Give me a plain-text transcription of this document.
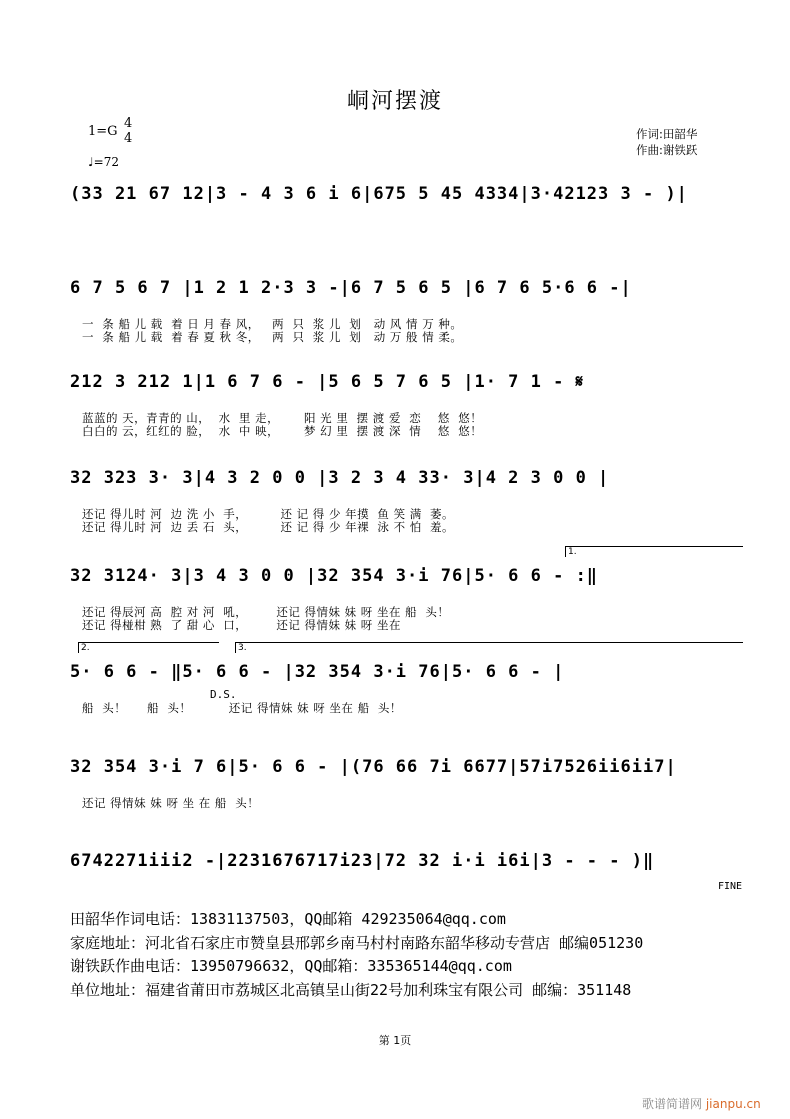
峒河摆渡
1=G
4
4
♩=72
作词:田韶华
作曲:谢铁跃
(33 21 67 12|3 - 4 3 6 i 6|675 5 45 4334|3·42123 3 - )|
6 7 5 6 7 |1 2 1 2·3 3 -|6 7 5 6 5 |6 7 6 5·6 6 -|
一  条 船 儿 载  着 日 月 春 风，   两  只  浆 儿  划   动 风 情 万 种。
一  条 船 儿 载  着 春 夏 秋 冬，   两  只  浆 儿  划   动 万 般 情 柔。
212 3 212 1|1 6 7 6 - |5 6 5 7 6 5 |1· 7 1 - 𝄋
蓝蓝的 天，青青的 山，  水  里 走，      阳 光 里  摆 渡 爱  恋    悠  悠！
白白的 云，红红的 脸，  水  中 映，      梦 幻 里  摆 渡 深  情    悠  悠！
32 323 3· 3|4 3 2 0 0 |3 2 3 4 33· 3|4 2 3 0 0 |
还记 得儿时 河  边 洗 小  手，        还 记 得 少 年摸  鱼 笑 满  萎。
还记 得儿时 河  边 丢 石  头，        还 记 得 少 年裸  泳 不 怕  羞。
1.
32 3124· 3|3 4 3 0 0 |32 354 3·i 76|5· 6 6 - :‖
还记 得辰河 高  腔 对 河  吼，       还记 得情妹 妹 呀 坐在 船  头！
还记 得椪柑 熟  了 甜 心  口，       还记 得情妹 妹 呀 坐在
2.	3.
5· 6 6 - ‖5· 6 6 - |32 354 3·i 76|5· 6 6 - |
D.S.
船  头！     船  头！         还记 得情妹 妹 呀 坐在 船  头！
32 354 3·i 7 6|5· 6 6 - |(76 66 7i 6677|57i7526ii6ii7|
还记 得情妹 妹 呀 坐 在 船  头！
6742271iii2 -|2231676717i23|72 32 i·i i6i|3 - - - )‖
FINE
田韶华作词电话：13831137503，QQ邮箱 429235064@qq.com
家庭地址：河北省石家庄市赞皇县邢郭乡南马村村南路东韶华移动专营店 邮编051230
谢铁跃作曲电话：13950796632，QQ邮箱：335365144@qq.com
单位地址：福建省莆田市荔城区北高镇呈山街22号加利珠宝有限公司 邮编：351148
第 1页
歌谱简谱网 jianpu.cn
